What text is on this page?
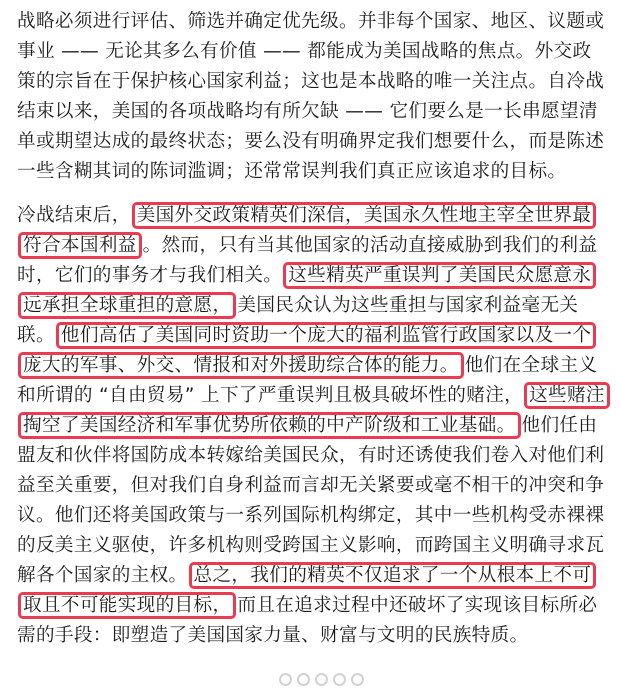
战略必须进行评估、筛选并确定优先级。并非每个国家、地区、议题或事业 —— 无论其多么有价值 —— 都能成为美国战略的焦点。外交政策的宗旨在于保护核心国家利益；这也是本战略的唯一关注点。自冷战结束以来，美国的各项战略均有所欠缺 —— 它们要么是一长串愿望清单或期望达成的最终状态；要么没有明确界定我们想要什么，而是陈述一些含糊其词的陈词滥调；还常常误判我们真正应该追求的目标。

冷战结束后， 美国外交政策精英们深信，美国永久性地主宰全世界最符合本国利益 。然而，只有当其他国家的活动直接威胁到我们的利益时，它们的事务才与我们相关。 这些精英严重误判了美国民众愿意永远承担全球重担的意愿， 美国民众认为这些重担与国家利益毫无关联。 他们高估了美国同时资助一个庞大的福利监管行政国家以及一个庞大的军事、外交、情报和对外援助综合体的能力。 他们在全球主义和所谓的 “自由贸易” 上下了严重误判且极具破坏性的赌注， 这些赌注掏空了美国经济和军事优势所依赖的中产阶级和工业基础。 他们任由盟友和伙伴将国防成本转嫁给美国民众，有时还诱使我们卷入对他们利益至关重要，但对我们自身利益而言却无关紧要或毫不相干的冲突和争议。他们还将美国政策与一系列国际机构绑定，其中一些机构受赤裸裸的反美主义驱使，许多机构则受跨国主义影响，而跨国主义明确寻求瓦解各个国家的主权。 总之，我们的精英不仅追求了一个从根本上不可取且不可能实现的目标， 而且在追求过程中还破坏了实现该目标所必需的手段：即塑造了美国国家力量、财富与文明的民族特质。
